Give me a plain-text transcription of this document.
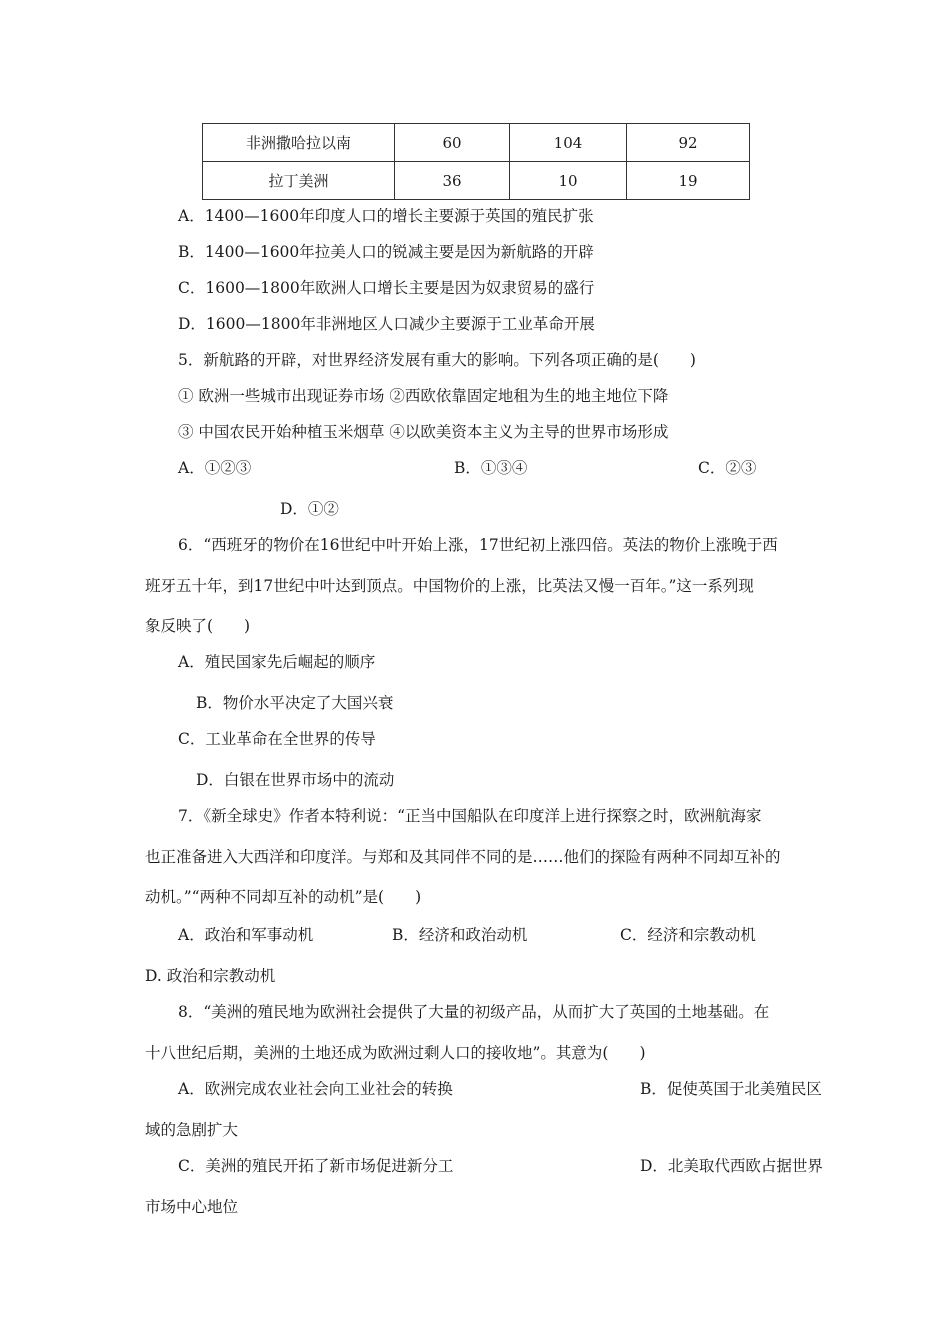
非洲撒哈拉以南	60	104	92
拉丁美洲	36	10	19
A．1400—1600年印度人口的增长主要源于英国的殖民扩张
B．1400—1600年拉美人口的锐减主要是因为新航路的开辟
C．1600—1800年欧洲人口增长主要是因为奴隶贸易的盛行
D．1600—1800年非洲地区人口减少主要源于工业革命开展
5．新航路的开辟，对世界经济发展有重大的影响。下列各项正确的是(　　)
① 欧洲一些城市出现证券市场 ②西欧依靠固定地租为生的地主地位下降
③ 中国农民开始种植玉米烟草 ④以欧美资本主义为主导的世界市场形成
A．①②③	B．①③④	C．②③
D．①②
6．“西班牙的物价在16世纪中叶开始上涨，17世纪初上涨四倍。英法的物价上涨晚于西
班牙五十年，到17世纪中叶达到顶点。中国物价的上涨，比英法又慢一百年。”这一系列现
象反映了(　　)
A．殖民国家先后崛起的顺序
B．物价水平决定了大国兴衰
C．工业革命在全世界的传导
D．白银在世界市场中的流动
7．《新全球史》作者本特利说：“正当中国船队在印度洋上进行探察之时，欧洲航海家
也正准备进入大西洋和印度洋。与郑和及其同伴不同的是……他们的探险有两种不同却互补的
动机。”“两种不同却互补的动机”是(　　)
A．政治和军事动机	B．经济和政治动机	C．经济和宗教动机
D. 政治和宗教动机
8．“美洲的殖民地为欧洲社会提供了大量的初级产品，从而扩大了英国的土地基础。在
十八世纪后期，美洲的土地还成为欧洲过剩人口的接收地”。其意为(　　)
A．欧洲完成农业社会向工业社会的转换	B．促使英国于北美殖民区
域的急剧扩大
C．美洲的殖民开拓了新市场促进新分工	D．北美取代西欧占据世界
市场中心地位
